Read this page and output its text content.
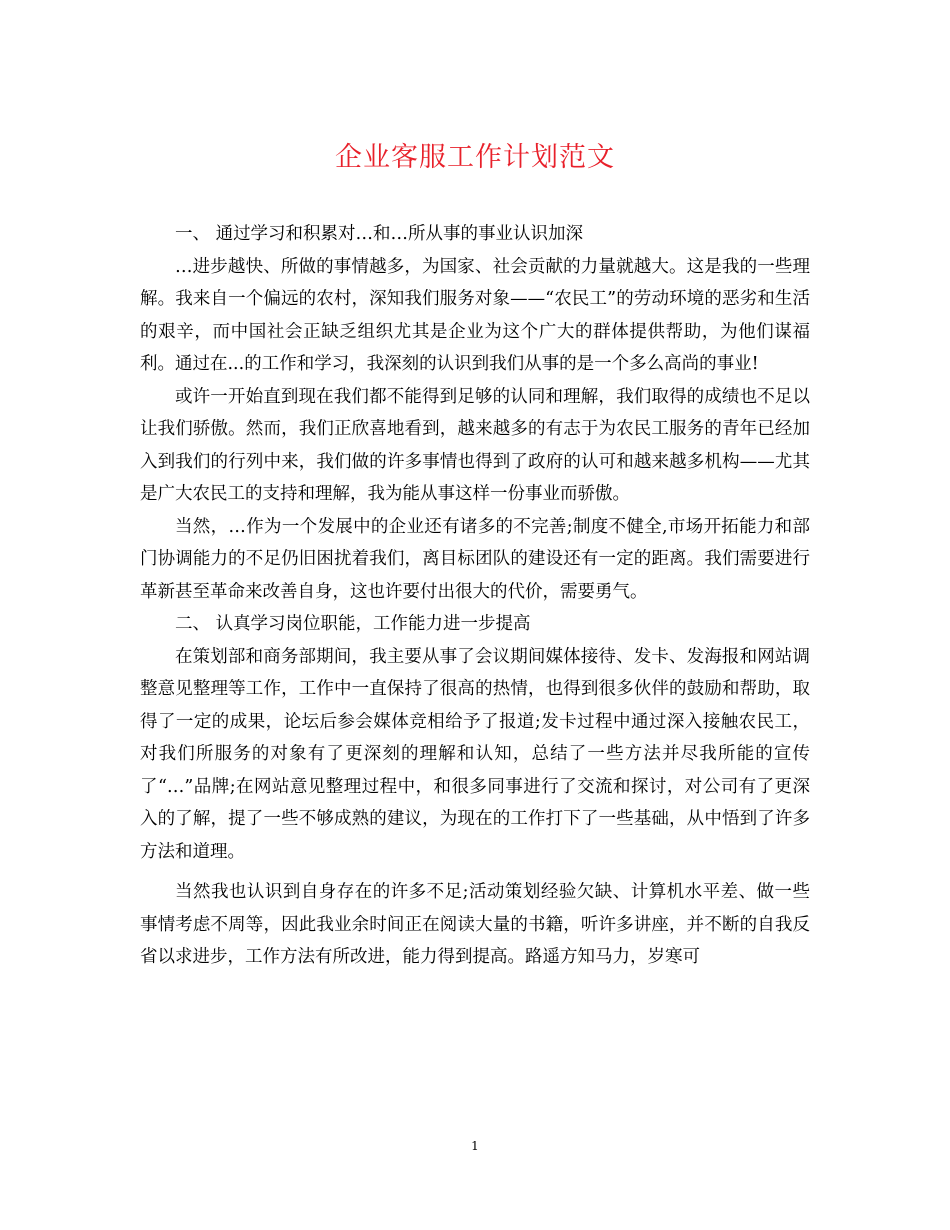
企业客服工作计划范文

一、 通过学习和积累对…和…所从事的事业认识加深

…进步越快、所做的事情越多，为国家、社会贡献的力量就越大。这是我的一些理解。我来自一个偏远的农村，深知我们服务对象——“农民工”的劳动环境的恶劣和生活的艰辛，而中国社会正缺乏组织尤其是企业为这个广大的群体提供帮助，为他们谋福利。通过在...的工作和学习，我深刻的认识到我们从事的是一个多么高尚的事业!

或许一开始直到现在我们都不能得到足够的认同和理解，我们取得的成绩也不足以让我们骄傲。然而，我们正欣喜地看到，越来越多的有志于为农民工服务的青年已经加入到我们的行列中来，我们做的许多事情也得到了政府的认可和越来越多机构——尤其是广大农民工的支持和理解，我为能从事这样一份事业而骄傲。

当然，…作为一个发展中的企业还有诸多的不完善;制度不健全,市场开拓能力和部门协调能力的不足仍旧困扰着我们，离目标团队的建设还有一定的距离。我们需要进行革新甚至革命来改善自身，这也许要付出很大的代价，需要勇气。

二、 认真学习岗位职能，工作能力进一步提高

在策划部和商务部期间，我主要从事了会议期间媒体接待、发卡、发海报和网站调整意见整理等工作，工作中一直保持了很高的热情，也得到很多伙伴的鼓励和帮助，取得了一定的成果，论坛后参会媒体竞相给予了报道;发卡过程中通过深入接触农民工，对我们所服务的对象有了更深刻的理解和认知，总结了一些方法并尽我所能的宣传了“…”品牌;在网站意见整理过程中，和很多同事进行了交流和探讨，对公司有了更深入的了解，提了一些不够成熟的建议，为现在的工作打下了一些基础，从中悟到了许多方法和道理。

当然我也认识到自身存在的许多不足;活动策划经验欠缺、计算机水平差、做一些事情考虑不周等，因此我业余时间正在阅读大量的书籍，听许多讲座，并不断的自我反省以求进步，工作方法有所改进，能力得到提高。路遥方知马力，岁寒可

1
